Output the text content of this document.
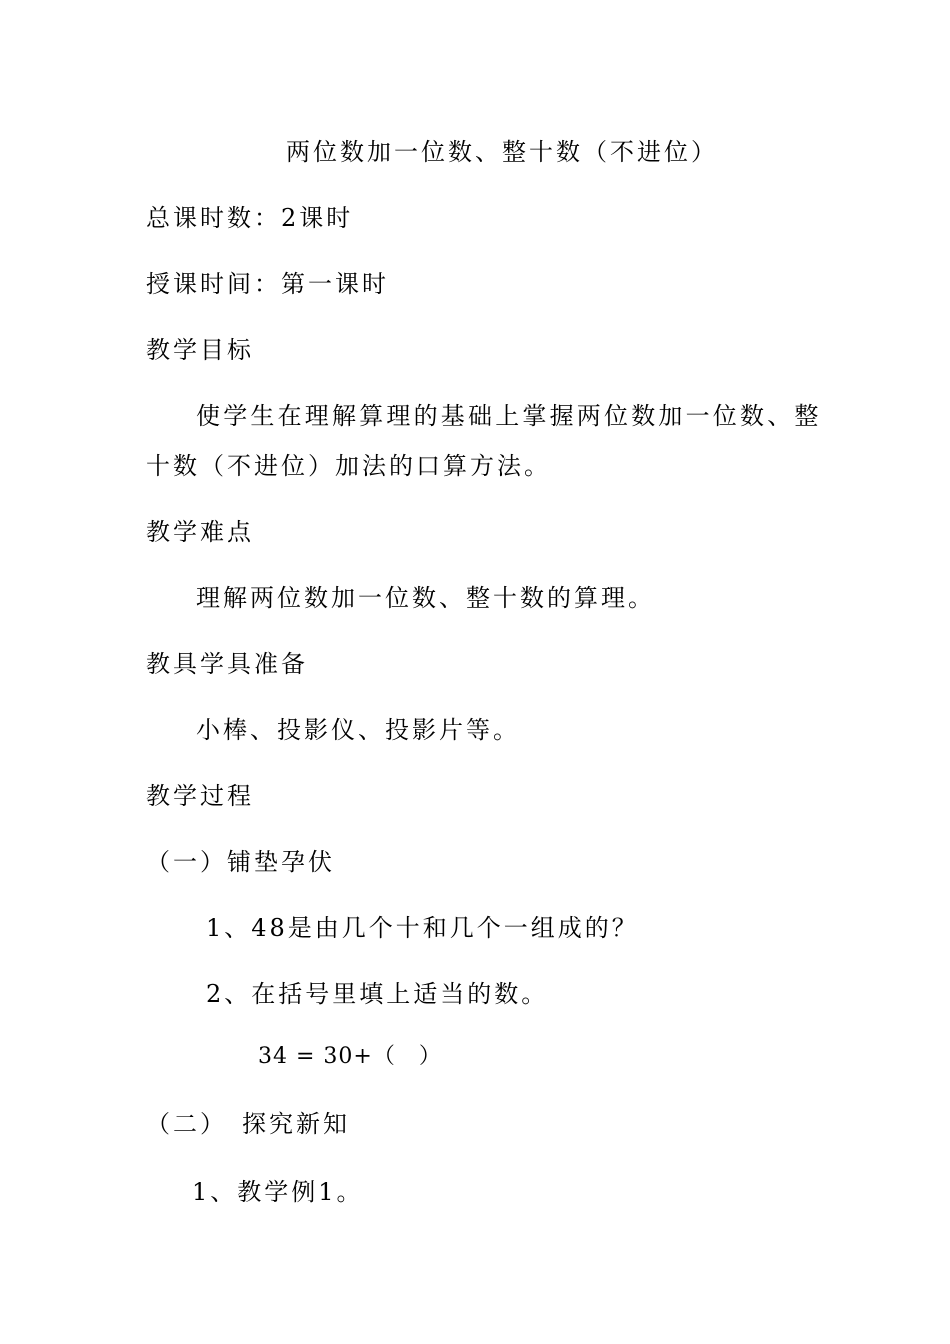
两位数加一位数、整十数（不进位）
总课时数：2课时
授课时间：第一课时
教学目标
使学生在理解算理的基础上掌握两位数加一位数、整
十数（不进位）加法的口算方法。
教学难点
理解两位数加一位数、整十数的算理。
教具学具准备
小棒、投影仪、投影片等。
教学过程
（一）铺垫孕伏
1、48是由几个十和几个一组成的？
2、在括号里填上适当的数。
34 = 30+（　）
（二）　探究新知
1、教学例1。
